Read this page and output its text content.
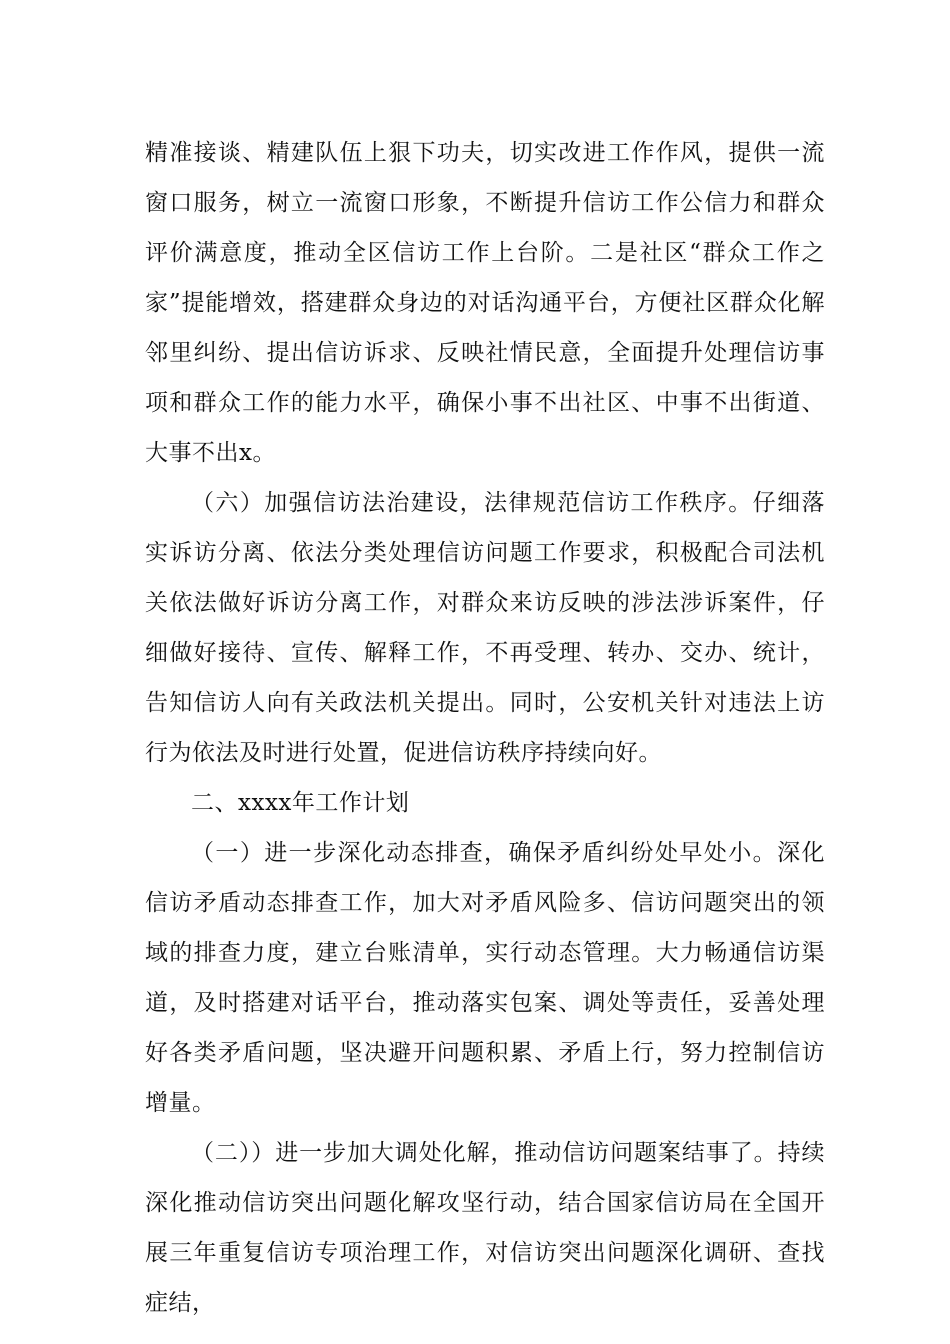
精准接谈、精建队伍上狠下功夫，切实改进工作作风，提供一流窗口服务，树立一流窗口形象，不断提升信访工作公信力和群众评价满意度，推动全区信访工作上台阶。二是社区“群众工作之家”提能增效，搭建群众身边的对话沟通平台，方便社区群众化解邻里纠纷、提出信访诉求、反映社情民意，全面提升处理信访事项和群众工作的能力水平，确保小事不出社区、中事不出街道、大事不出x。

（六）加强信访法治建设，法律规范信访工作秩序。仔细落实诉访分离、依法分类处理信访问题工作要求，积极配合司法机关依法做好诉访分离工作，对群众来访反映的涉法涉诉案件，仔细做好接待、宣传、解释工作，不再受理、转办、交办、统计，告知信访人向有关政法机关提出。同时，公安机关针对违法上访行为依法及时进行处置，促进信访秩序持续向好。

二、xxxx年工作计划

（一）进一步深化动态排查，确保矛盾纠纷处早处小。深化信访矛盾动态排查工作，加大对矛盾风险多、信访问题突出的领域的排查力度，建立台账清单，实行动态管理。大力畅通信访渠道，及时搭建对话平台，推动落实包案、调处等责任，妥善处理好各类矛盾问题，坚决避开问题积累、矛盾上行，努力控制信访增量。

（二））进一步加大调处化解，推动信访问题案结事了。持续深化推动信访突出问题化解攻坚行动，结合国家信访局在全国开展三年重复信访专项治理工作，对信访突出问题深化调研、查找症结，
